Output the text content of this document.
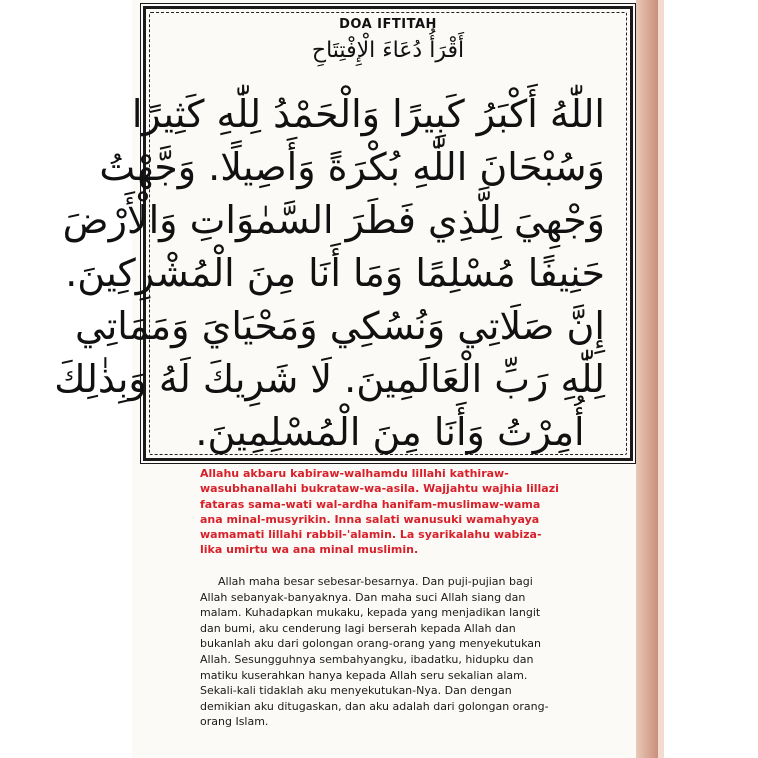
DOA IFTITAH
أَقْرَأُ دُعَاءَ الْإِفْتِتَاحِ
اللّٰهُ أَكْبَرُ كَبِيرًا وَالْحَمْدُ لِلّٰهِ كَثِيرًا
وَسُبْحَانَ اللّٰهِ بُكْرَةً وَأَصِيلًا. وَجَّهْتُ
وَجْهِيَ لِلَّذِي فَطَرَ السَّمٰوَاتِ وَالْأَرْضَ
حَنِيفًا مُسْلِمًا وَمَا أَنَا مِنَ الْمُشْرِكِينَ.
إِنَّ صَلَاتِي وَنُسُكِي وَمَحْيَايَ وَمَمَاتِي
لِلّٰهِ رَبِّ الْعَالَمِينَ. لَا شَرِيكَ لَهُ وَبِذٰلِكَ
أُمِرْتُ وَأَنَا مِنَ الْمُسْلِمِينَ.
Allahu akbaru kabiraw-walhamdu lillahi kathiraw-
wasubhanallahi bukrataw-wa-asila. Wajjahtu wajhia lillazi
fataras sama-wati wal-ardha hanifam-muslimaw-wama
ana minal-musyrikin. Inna salati wanusuki wamahyaya
wamamati lillahi rabbil-'alamin. La syarikalahu wabiza-
lika umirtu wa ana minal muslimin.
Allah maha besar sebesar-besarnya. Dan puji-pujian bagi
Allah sebanyak-banyaknya. Dan maha suci Allah siang dan
malam. Kuhadapkan mukaku, kepada yang menjadikan langit
dan bumi, aku cenderung lagi berserah kepada Allah dan
bukanlah aku dari golongan orang-orang yang menyekutukan
Allah. Sesungguhnya sembahyangku, ibadatku, hidupku dan
matiku kuserahkan hanya kepada Allah seru sekalian alam.
Sekali-kali tidaklah aku menyekutukan-Nya. Dan dengan
demikian aku ditugaskan, dan aku adalah dari golongan orang-
orang Islam.
